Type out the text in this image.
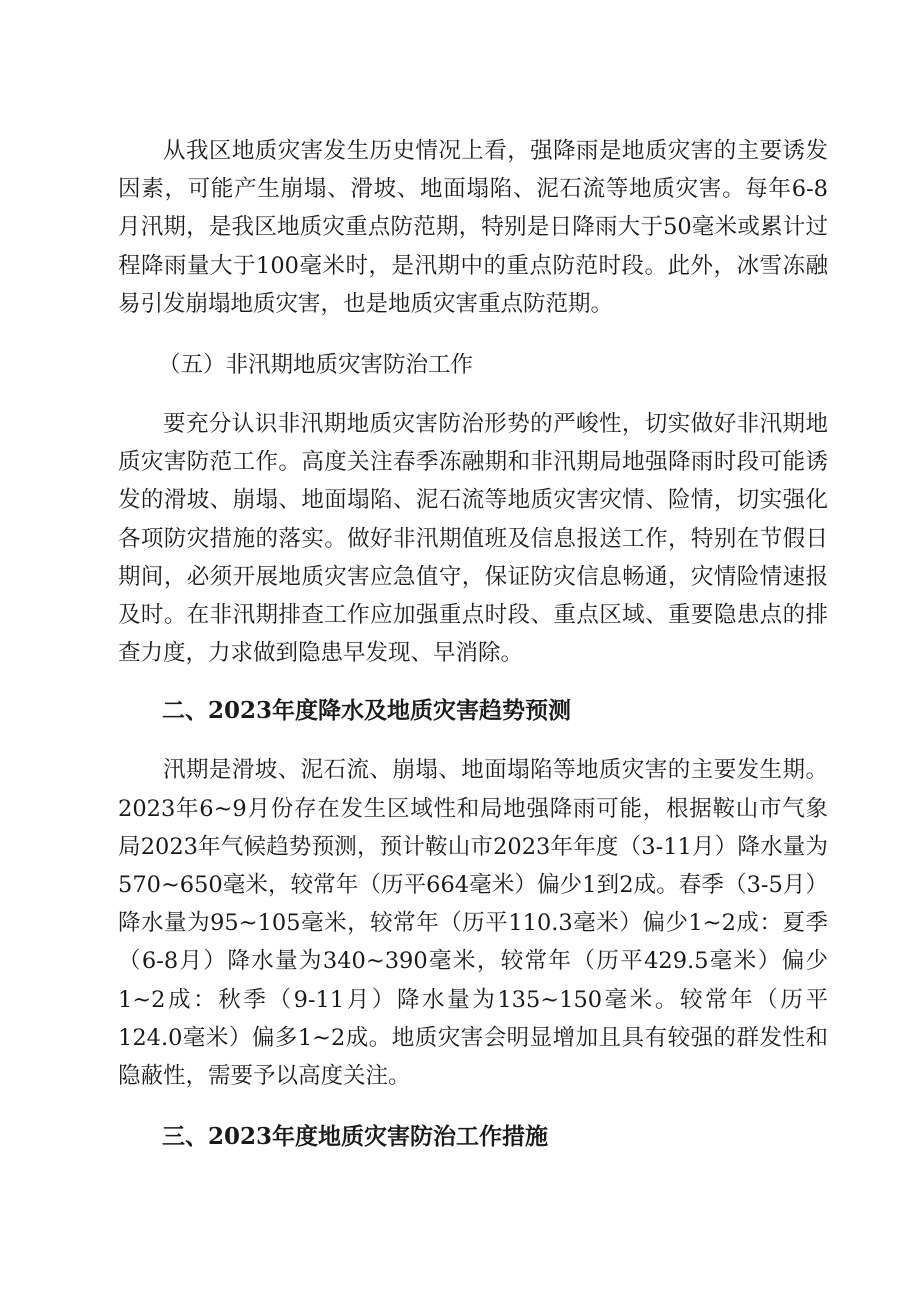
从我区地质灾害发生历史情况上看，强降雨是地质灾害的主要诱发因素，可能产生崩塌、滑坡、地面塌陷、泥石流等地质灾害。每年6-8月汛期，是我区地质灾重点防范期，特别是日降雨大于50毫米或累计过程降雨量大于100毫米时，是汛期中的重点防范时段。此外，冰雪冻融易引发崩塌地质灾害，也是地质灾害重点防范期。

（五）非汛期地质灾害防治工作

要充分认识非汛期地质灾害防治形势的严峻性，切实做好非汛期地质灾害防范工作。高度关注春季冻融期和非汛期局地强降雨时段可能诱发的滑坡、崩塌、地面塌陷、泥石流等地质灾害灾情、险情，切实强化各项防灾措施的落实。做好非汛期值班及信息报送工作，特别在节假日期间，必须开展地质灾害应急值守，保证防灾信息畅通，灾情险情速报及时。在非汛期排查工作应加强重点时段、重点区域、重要隐患点的排查力度，力求做到隐患早发现、早消除。

二、2023年度降水及地质灾害趋势预测

汛期是滑坡、泥石流、崩塌、地面塌陷等地质灾害的主要发生期。2023年6~9月份存在发生区域性和局地强降雨可能，根据鞍山市气象局2023年气候趋势预测，预计鞍山市2023年年度（3-11月）降水量为570~650毫米，较常年（历平664毫米）偏少1到2成。春季（3-5月）降水量为95~105毫米，较常年（历平110.3毫米）偏少1~2成：夏季（6-8月）降水量为340~390毫米，较常年（历平429.5毫米）偏少1~2成：秋季（9-11月）降水量为135~150毫米。较常年（历平124.0毫米）偏多1~2成。地质灾害会明显增加且具有较强的群发性和隐蔽性，需要予以高度关注。

三、2023年度地质灾害防治工作措施
